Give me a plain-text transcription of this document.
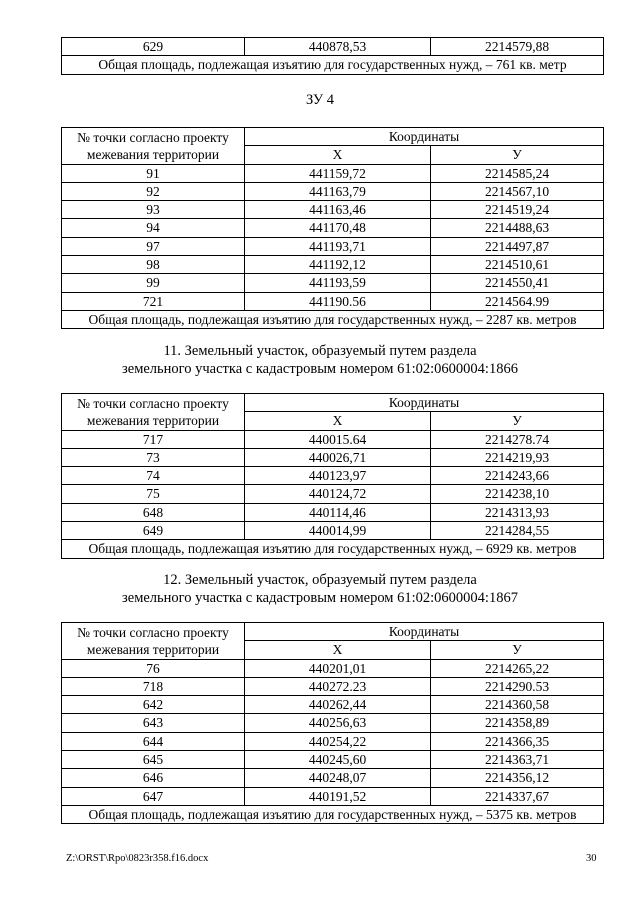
629	440878,53	2214579,88
Общая площадь, подлежащая изъятию для государственных нужд, – 761 кв. метр
ЗУ 4
№ точки согласно проекту межевания территории	Координаты	
	X	У
91	441159,72	2214585,24
92	441163,79	2214567,10
93	441163,46	2214519,24
94	441170,48	2214488,63
97	441193,71	2214497,87
98	441192,12	2214510,61
99	441193,59	2214550,41
721	441190.56	2214564.99
Общая площадь, подлежащая изъятию для государственных нужд, – 2287 кв. метров		
11. Земельный участок, образуемый путем раздела
земельного участка с кадастровым номером 61:02:0600004:1866
№ точки согласно проекту межевания территории	Координаты	
	X	У
717	440015.64	2214278.74
73	440026,71	2214219,93
74	440123,97	2214243,66
75	440124,72	2214238,10
648	440114,46	2214313,93
649	440014,99	2214284,55
Общая площадь, подлежащая изъятию для государственных нужд, – 6929 кв. метров		
12. Земельный участок, образуемый путем раздела
земельного участка с кадастровым номером 61:02:0600004:1867
№ точки согласно проекту межевания территории	Координаты	
	X	У
76	440201,01	2214265,22
718	440272.23	2214290.53
642	440262,44	2214360,58
643	440256,63	2214358,89
644	440254,22	2214366,35
645	440245,60	2214363,71
646	440248,07	2214356,12
647	440191,52	2214337,67
Общая площадь, подлежащая изъятию для государственных нужд, – 5375 кв. метров		
Z:\ORST\Rpo\0823r358.f16.docx	30
